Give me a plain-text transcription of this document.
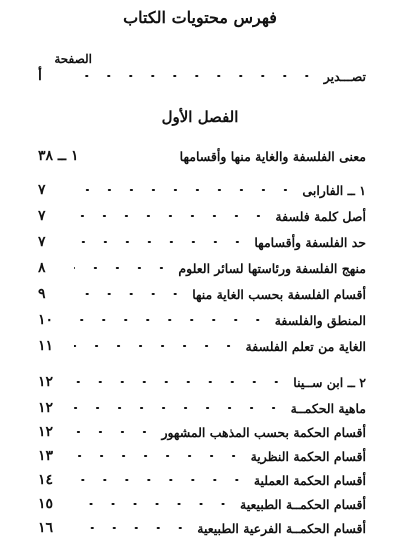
فهرس محتويات الكتاب
الصفحة
تصـــدير
أ
الفصل الأول
معنى الفلسفة والغاية منها وأقسامها
١ ــ ٣٨
١ ــ الفارابى
٧
أصل كلمة فلسفة
٧
حد الفلسفة وأقسامها
٧
منهج الفلسفة ورئاستها لسائر العلوم
٨
أقسام الفلسفة بحسب الغاية منها
٩
المنطق والفلسفة
١٠
الغاية من تعلم الفلسفة
١١
٢ ــ ابن ســينا
١٢
ماهية الحكمــة
١٢
أقسام الحكمة بحسب المذهب المشهور
١٢
أقسام الحكمة النظرية
١٣
أقسام الحكمة العملية
١٤
أقسام الحكمــة الطبيعية
١٥
أقسام الحكمــة الفرعية الطبيعية
١٦
